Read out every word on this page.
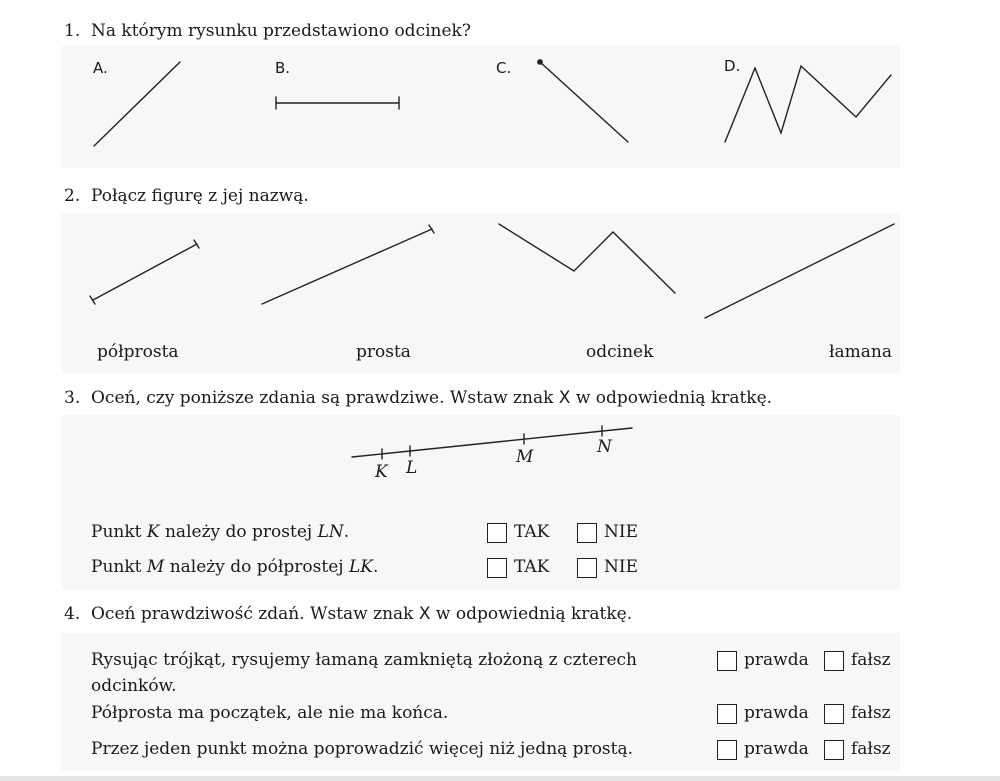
1. Na którym rysunku przedstawiono odcinek?
A.	B.	C.	D.
2. Połącz figurę z jej nazwą.
półprosta	prosta	odcinek	łamana
3. Oceń, czy poniższe zdania są prawdziwe. Wstaw znak X w odpowiednią kratkę.
K L
M	N
Punkt K należy do prostej LN.	TAK	NIE
Punkt M należy do półprostej LK.	TAK	NIE
4. Oceń prawdziwość zdań. Wstaw znak X w odpowiednią kratkę.
Rysując trójkąt, rysujemy łamaną zamkniętą złożoną z czterech
odcinków.
prawda fałsz
Półprosta ma początek, ale nie ma końca.	prawda fałsz
Przez jeden punkt można poprowadzić więcej niż jedną prostą.	prawda fałsz
